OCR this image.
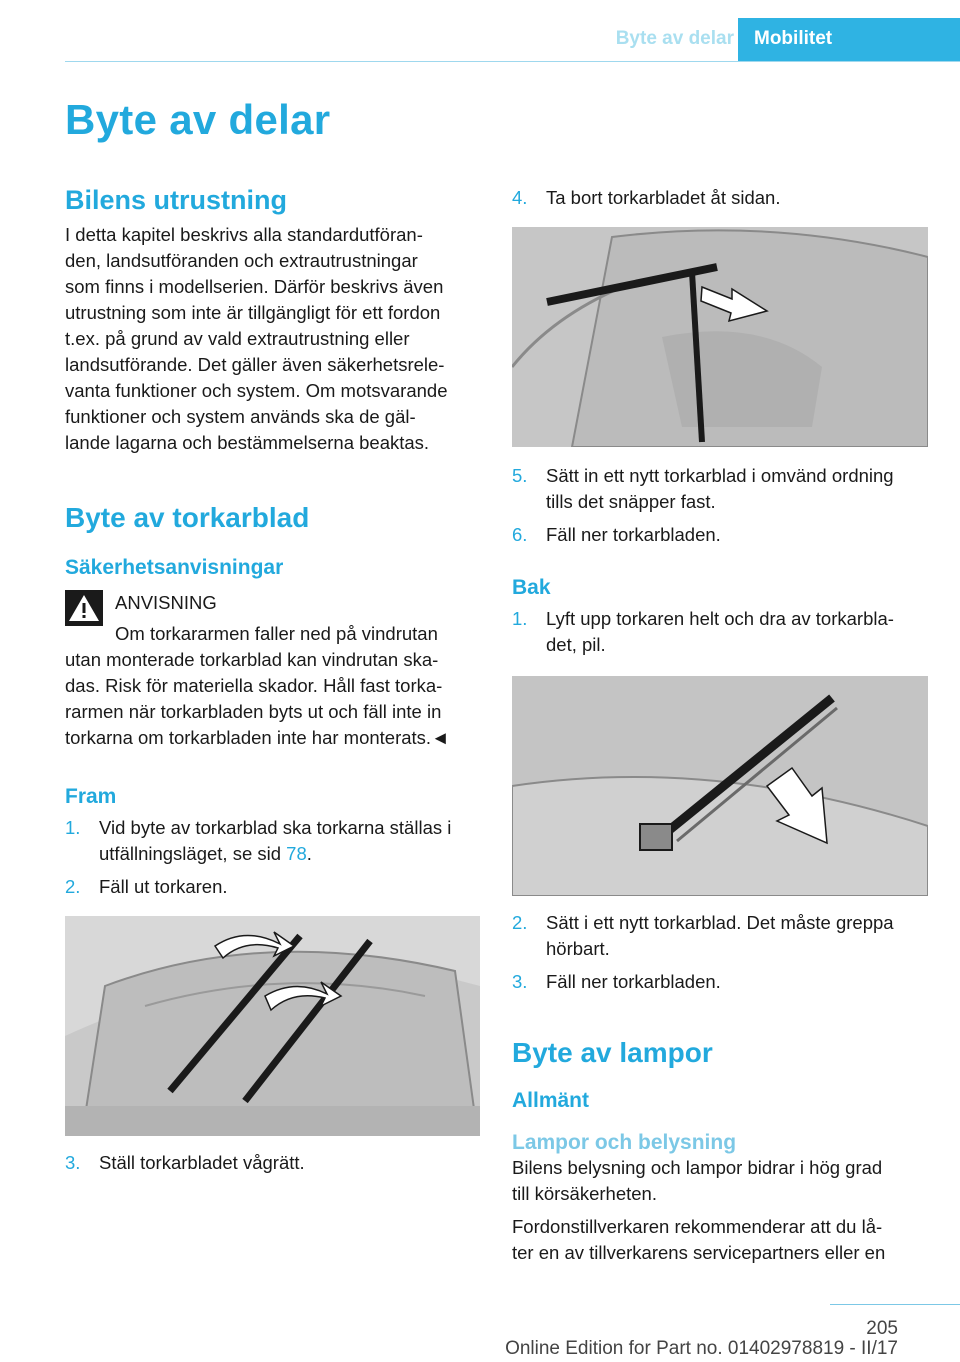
Byte av delar	Mobilitet
Byte av delar
Bilens utrustning

I detta kapitel beskrivs alla standardutföran-

den, landsutföranden och extrautrustningar

som finns i modellserien. Därför beskrivs även

utrustning som inte är tillgängligt för ett fordon

t.ex. på grund av vald extrautrustning eller

landsutförande. Det gäller även säkerhetsrele-

vanta funktioner och system. Om motsvarande

funktioner och system används ska de gäl-

lande lagarna och bestämmelserna beaktas.

Byte av torkarblad
Säkerhetsanvisningar
ANVISNING
Om torkararmen faller ned på vindrutan

utan monterade torkarblad kan vindrutan ska-

das. Risk för materiella skador. Håll fast torka-

rarmen när torkarbladen byts ut och fäll inte in

torkarna om torkarbladen inte har monterats.◄

Fram
1. Vid byte av torkarblad ska torkarna ställas i
utfällningsläget, se sid 78.
2. Fäll ut torkaren.
3. Ställ torkarbladet vågrätt.
4. Ta bort torkarbladet åt sidan.
5. Sätt in ett nytt torkarblad i omvänd ordning
tills det snäpper fast.
6. Fäll ner torkarbladen.
Bak
1. Lyft upp torkaren helt och dra av torkarbla-
det, pil.
2. Sätt i ett nytt torkarblad. Det måste greppa
hörbart.
3. Fäll ner torkarbladen.
Byte av lampor
Allmänt
Lampor och belysning

Bilens belysning och lampor bidrar i hög grad

till körsäkerheten.

Fordonstillverkaren rekommenderar att du lå-

ter en av tillverkarens servicepartners eller en

205
Online Edition for Part no. 01402978819 - II/17
